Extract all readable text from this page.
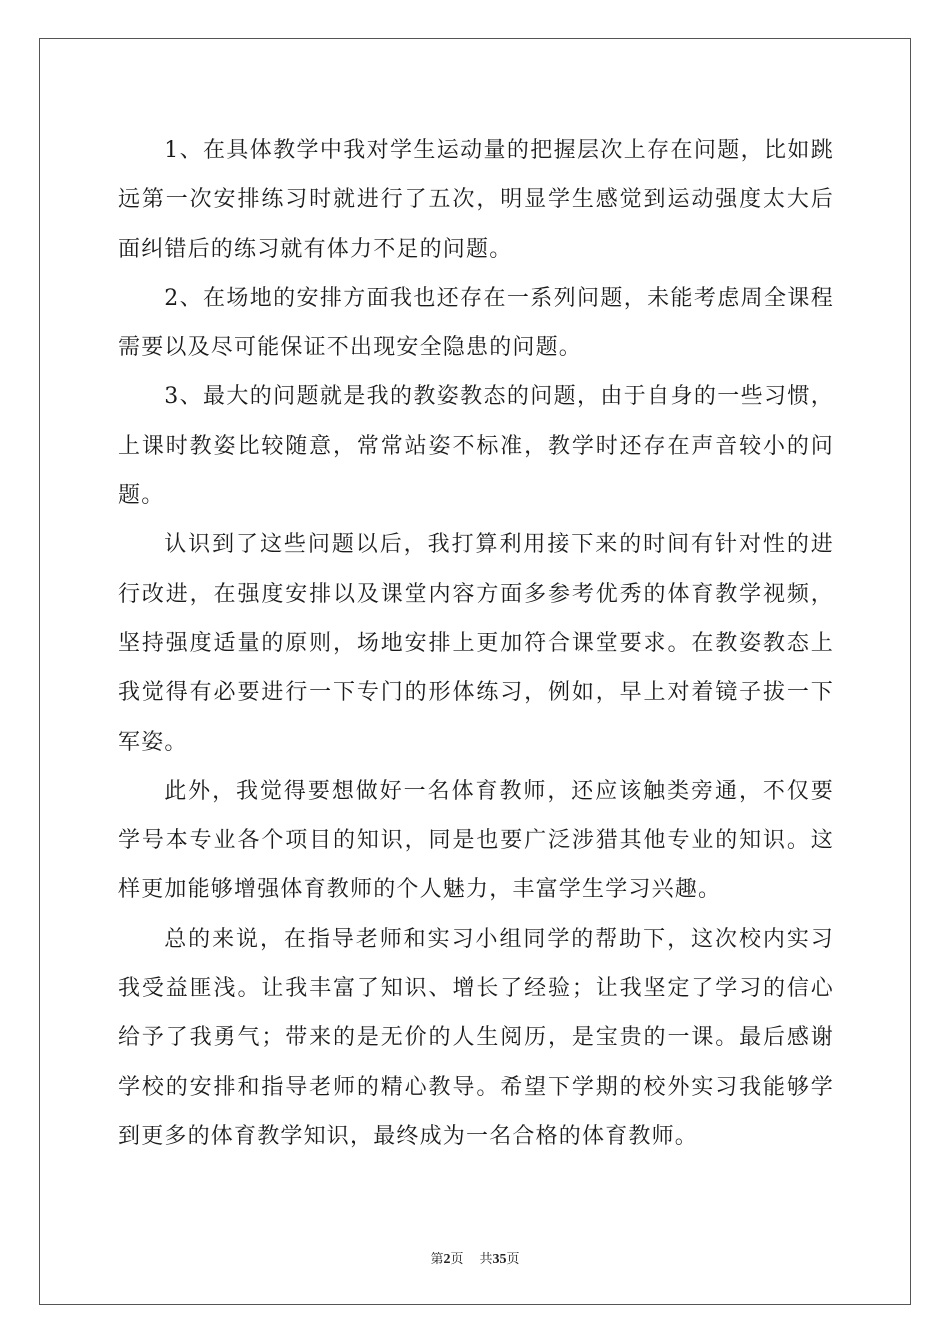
1、在具体教学中我对学生运动量的把握层次上存在问题，比如跳远第一次安排练习时就进行了五次，明显学生感觉到运动强度太大后面纠错后的练习就有体力不足的问题。

2、在场地的安排方面我也还存在一系列问题，未能考虑周全课程需要以及尽可能保证不出现安全隐患的问题。

3、最大的问题就是我的教姿教态的问题，由于自身的一些习惯，上课时教姿比较随意，常常站姿不标准，教学时还存在声音较小的问题。

认识到了这些问题以后，我打算利用接下来的时间有针对性的进行改进，在强度安排以及课堂内容方面多参考优秀的体育教学视频，坚持强度适量的原则，场地安排上更加符合课堂要求。在教姿教态上我觉得有必要进行一下专门的形体练习，例如，早上对着镜子拔一下军姿。

此外，我觉得要想做好一名体育教师，还应该触类旁通，不仅要学号本专业各个项目的知识，同是也要广泛涉猎其他专业的知识。这样更加能够增强体育教师的个人魅力，丰富学生学习兴趣。

总的来说，在指导老师和实习小组同学的帮助下，这次校内实习我受益匪浅。让我丰富了知识、增长了经验；让我坚定了学习的信心给予了我勇气；带来的是无价的人生阅历，是宝贵的一课。最后感谢学校的安排和指导老师的精心教导。希望下学期的校外实习我能够学到更多的体育教学知识，最终成为一名合格的体育教师。

第2页 共35页
